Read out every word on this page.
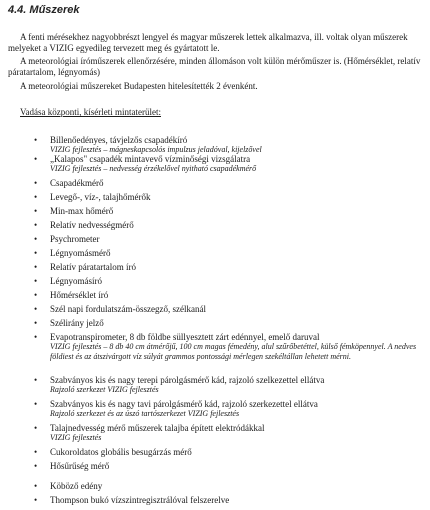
4.4. Műszerek
A fenti mérésekhez nagyobbrészt lengyel és magyar műszerek lettek alkalmazva, ill. voltak olyan műszerek melyeket a VIZIG egyedileg tervezett meg és gyártatott le.
A meteorológiai íróműszerek ellenőrzésére, minden állomáson volt külön mérőműszer is. (Hőmérséklet, relatív páratartalom, légnyomás)
A meteorológiai műszereket Budapesten hitelesítették 2 évenként.
Vadása központi, kísérleti mintaterület:
• Billenőedényes, távjelzős csapadékíró
VIZIG fejlesztés – mágneskapcsolós impulzus jeladóval, kijelzővel
• „Kalapos" csapadék mintavevő vízminőségi vizsgálatra
VIZIG fejlesztés – nedvesség érzékelővel nyitható csapadékmérő
• Csapadékmérő
• Levegő-, víz-, talajhőmérők
• Min-max hőmérő
• Relatív nedvességmérő
• Psychrometer
• Légnyomásmérő
• Relatív páratartalom író
• Légnyomásíró
• Hőmérséklet író
• Szél napi fordulatszám-összegző, szélkanál
• Szélirány jelző
• Evapotranspirometer, 8 db földbe süllyesztett zárt edénnyel, emelő daruval
VIZIG fejlesztés – 8 db 40 cm átmérőjű, 100 cm magas fémedény, alul szűrőbetéttel, külső fémköpennyel. A nedves földiest és az átszivárgott víz súlyát grammos pontossági mérlegen szekéltállan lehetett mérni.
• Szabványos kis és nagy terepi párolgásmérő kád, rajzoló szelkezettel ellátva
Rajzoló szerkezet VIZIG fejlesztés
• Szabványos kis és nagy tavi párolgásmérő kád, rajzoló szerkezettel ellátva
Rajzoló szerkezet és az úszó tartószerkezet VIZIG fejlesztés
• Talajnedvesség mérő műszerek talajba épített elektródákkal
VIZIG fejlesztés
• Cukoroldatos globális besugárzás mérő
• Hősűrűség mérő
• Köböző edény
• Thompson bukó vízszintregisztrálóval felszerelve
